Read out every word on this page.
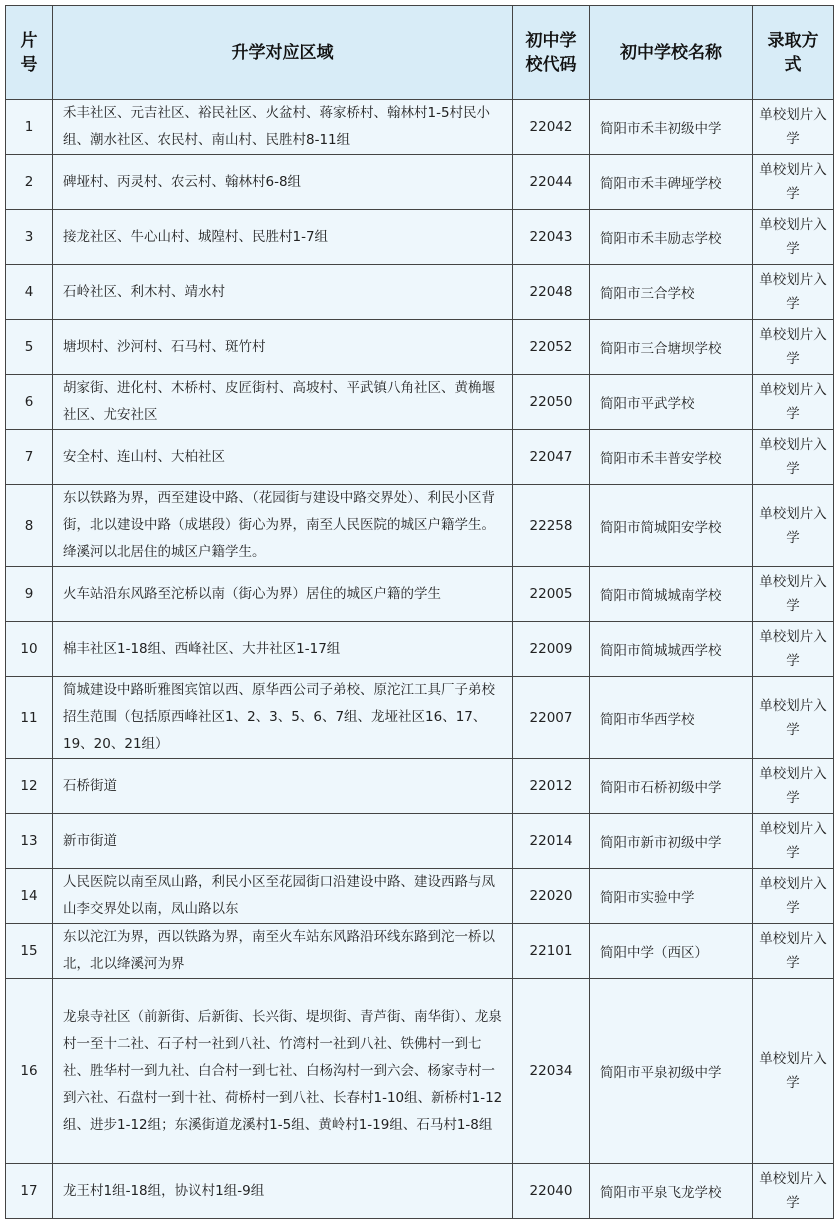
片号	升学对应区域	初中学校代码	初中学校名称	录取方式
1	禾丰社区、元吉社区、裕民社区、火盆村、蒋家桥村、翰林村1-5村民小组、潮水社区、农民村、南山村、民胜村8-11组	22042	简阳市禾丰初级中学	单校划片入学
2	碑垭村、丙灵村、农云村、翰林村6-8组	22044	简阳市禾丰碑垭学校	单校划片入学
3	接龙社区、牛心山村、城隍村、民胜村1-7组	22043	简阳市禾丰励志学校	单校划片入学
4	石岭社区、利木村、靖水村	22048	简阳市三合学校	单校划片入学
5	塘坝村、沙河村、石马村、斑竹村	22052	简阳市三合塘坝学校	单校划片入学
6	胡家街、进化村、木桥村、皮匠街村、高坡村、平武镇八角社区、黄桷堰社区、尤安社区	22050	简阳市平武学校	单校划片入学
7	安全村、连山村、大柏社区	22047	简阳市禾丰普安学校	单校划片入学
8	东以铁路为界，西至建设中路、（花园街与建设中路交界处）、利民小区背街，北以建设中路（成堪段）街心为界，南至人民医院的城区户籍学生。绛溪河以北居住的城区户籍学生。	22258	简阳市简城阳安学校	单校划片入学
9	火车站沿东风路至沱桥以南（街心为界）居住的城区户籍的学生	22005	简阳市简城城南学校	单校划片入学
10	棉丰社区1-18组、西峰社区、大井社区1-17组	22009	简阳市简城城西学校	单校划片入学
11	简城建设中路昕雅图宾馆以西、原华西公司子弟校、原沱江工具厂子弟校招生范围（包括原西峰社区1、2、3、5、6、7组、龙垭社区16、17、19、20、21组）	22007	简阳市华西学校	单校划片入学
12	石桥街道	22012	简阳市石桥初级中学	单校划片入学
13	新市街道	22014	简阳市新市初级中学	单校划片入学
14	人民医院以南至凤山路，利民小区至花园街口沿建设中路、建设西路与凤山李交界处以南，凤山路以东	22020	简阳市实验中学	单校划片入学
15	东以沱江为界，西以铁路为界，南至火车站东风路沿环线东路到沱一桥以北，北以绛溪河为界	22101	简阳中学（西区）	单校划片入学
16	龙泉寺社区（前新街、后新街、长兴街、堤坝街、青芦街、南华街）、龙泉村一至十二社、石子村一社到八社、竹湾村一社到八社、铁佛村一到七社、胜华村一到九社、白合村一到七社、白杨沟村一到六会、杨家寺村一到六社、石盘村一到十社、荷桥村一到八社、长春村1-10组、新桥村1-12组、进步1-12组；东溪街道龙溪村1-5组、黄岭村1-19组、石马村1-8组	22034	简阳市平泉初级中学	单校划片入学
17	龙王村1组-18组，协议村1组-9组	22040	简阳市平泉飞龙学校	单校划片入学
